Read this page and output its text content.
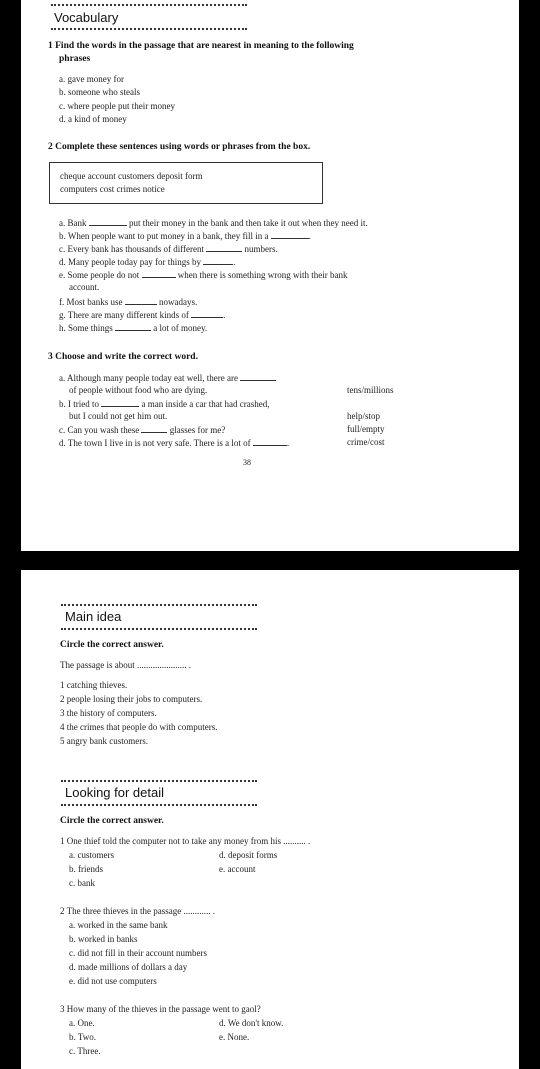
Vocabulary
1 Find the words in the passage that are nearest in meaning to the following
phrases
a. gave money for
b. someone who steals
c. where people put their money
d. a kind of money
2 Complete these sentences using words or phrases from the box.
cheque account customers deposit form
computers cost crimes notice
a. Bank	put their money in the bank and then take it out when they need it.
b. When people want to put money in a bank, they fill in a	.
c. Every bank has thousands of different	numbers.
d. Many people today pay for things by	.
e. Some people do not	when there is something wrong with their bank
account.
f. Most banks use	nowadays.
g. There are many different kinds of	.
h. Some things	a lot of money.
3 Choose and write the correct word.
a. Although many people today eat well, there are
of people without food who are dying.	tens/millions
b. I tried to	a man inside a car that had crashed,
but I could not get him out.	help/stop
c. Can you wash these	glasses for me?	full/empty
d. The town I live in is not very safe. There is a lot of	.	crime/cost
38
Main idea
Circle the correct answer.
The passage is about ...................... .
1 catching thieves.
2 people losing their jobs to computers.
3 the history of computers.
4 the crimes that people do with computers.
5 angry bank customers.
Looking for detail
Circle the correct answer.
1 One thief told the computer not to take any money from his .......... .
a. customers
b. friends
c. bank
d. deposit forms
e. account
2 The three thieves in the passage ............ .
a. worked in the same bank
b. worked in banks
c. did not fill in their account numbers
d. made millions of dollars a day
e. did not use computers
3 How many of the thieves in the passage went to gaol?
a. One.
b. Two.
c. Three.
d. We don't know.
e. None.
